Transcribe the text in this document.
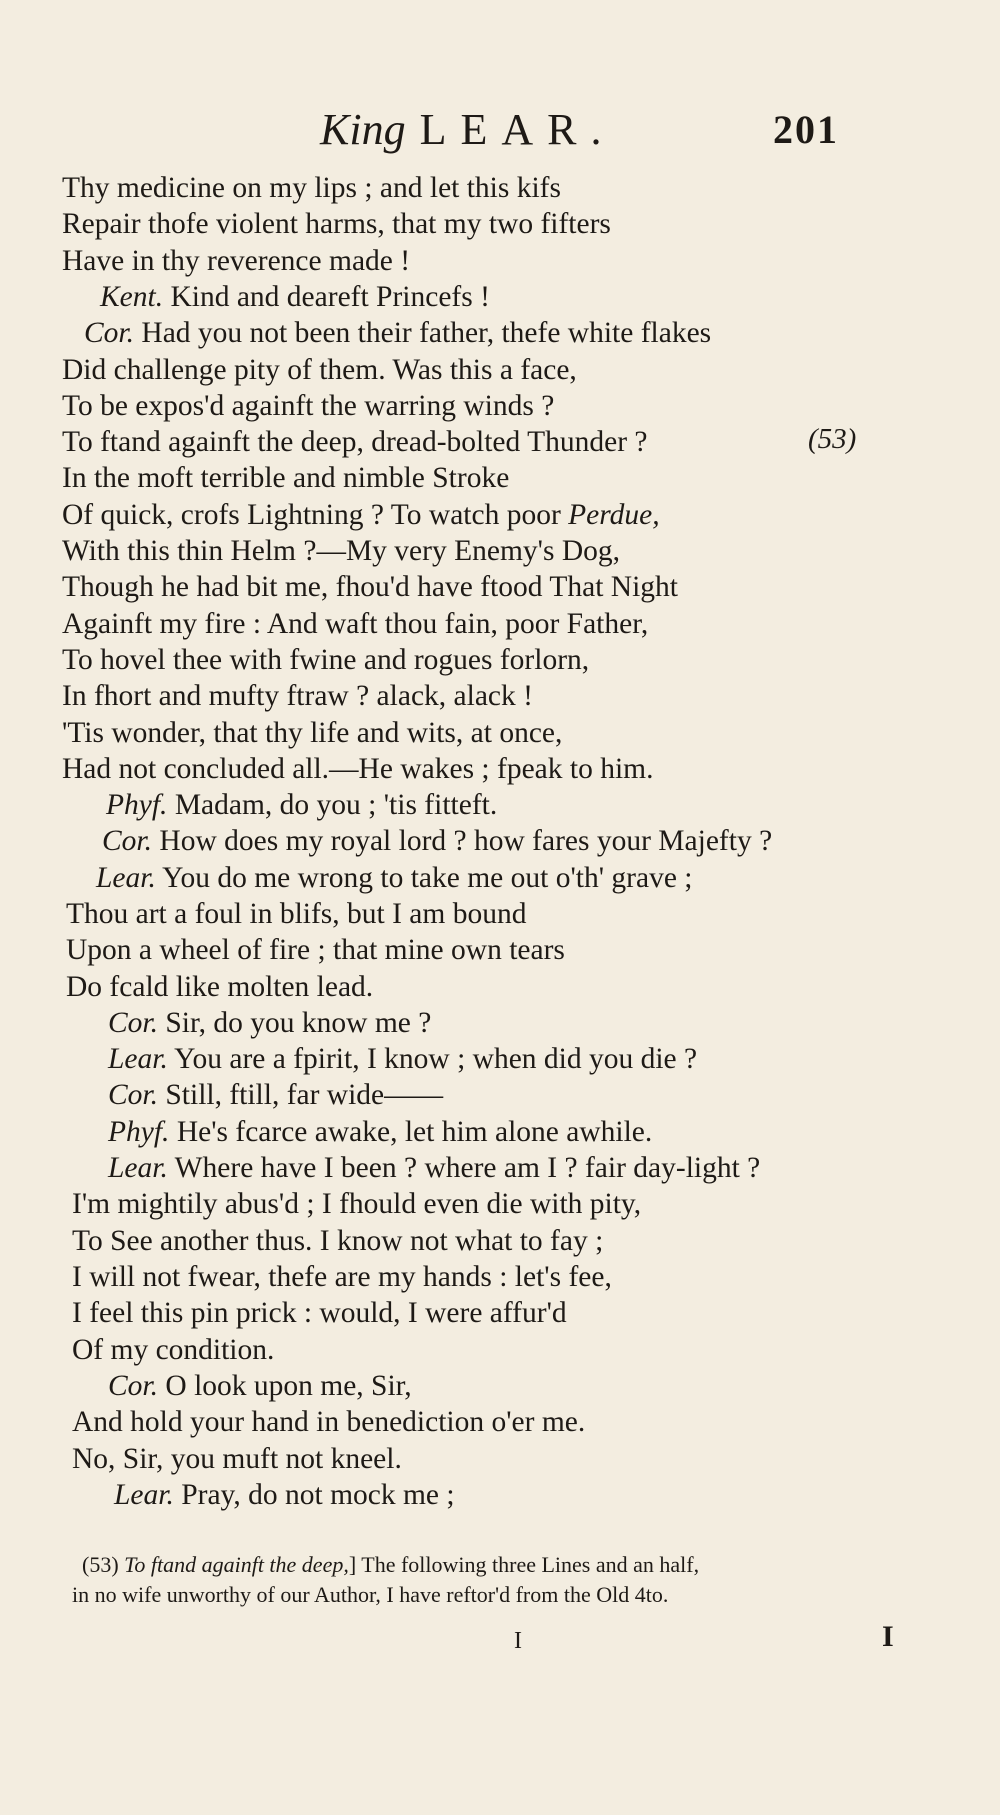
King LEAR.	201
Thy medicine on my lips ; and let this kifs
Repair thofe violent harms, that my two fifters
Have in thy reverence made !
Kent. Kind and deareft Princefs !
Cor. Had you not been their father, thefe white flakes
Did challenge pity of them. Was this a face,
To be expos'd againft the warring winds ?
To ftand againft the deep, dread-bolted Thunder ?
In the moft terrible and nimble Stroke
Of quick, crofs Lightning ? To watch poor Perdue,
With this thin Helm ?—My very Enemy's Dog,
Though he had bit me, fhou'd have ftood That Night
Againft my fire : And waft thou fain, poor Father,
To hovel thee with fwine and rogues forlorn,
In fhort and mufty ftraw ? alack, alack !
'Tis wonder, that thy life and wits, at once,
Had not concluded all.—He wakes ; fpeak to him.
Phyf. Madam, do you ; 'tis fitteft.
Cor. How does my royal lord ? how fares your Majefty ?
Lear. You do me wrong to take me out o'th' grave ;
Thou art a foul in blifs, but I am bound
Upon a wheel of fire ; that mine own tears
Do fcald like molten lead.
Cor. Sir, do you know me ?
Lear. You are a fpirit, I know ; when did you die ?
Cor. Still, ftill, far wide——
Phyf. He's fcarce awake, let him alone awhile.
Lear. Where have I been ? where am I ? fair day-light ?
I'm mightily abus'd ; I fhould even die with pity,
To See another thus. I know not what to fay ;
I will not fwear, thefe are my hands : let's fee,
I feel this pin prick : would, I were affur'd
Of my condition.
Cor. O look upon me, Sir,
And hold your hand in benediction o'er me.
No, Sir, you muft not kneel.
Lear. Pray, do not mock me ;
(53)
(53) To ftand againft the deep,] The following three Lines and an half,
in no wife unworthy of our Author, I have reftor'd from the Old 4to.
I	I
